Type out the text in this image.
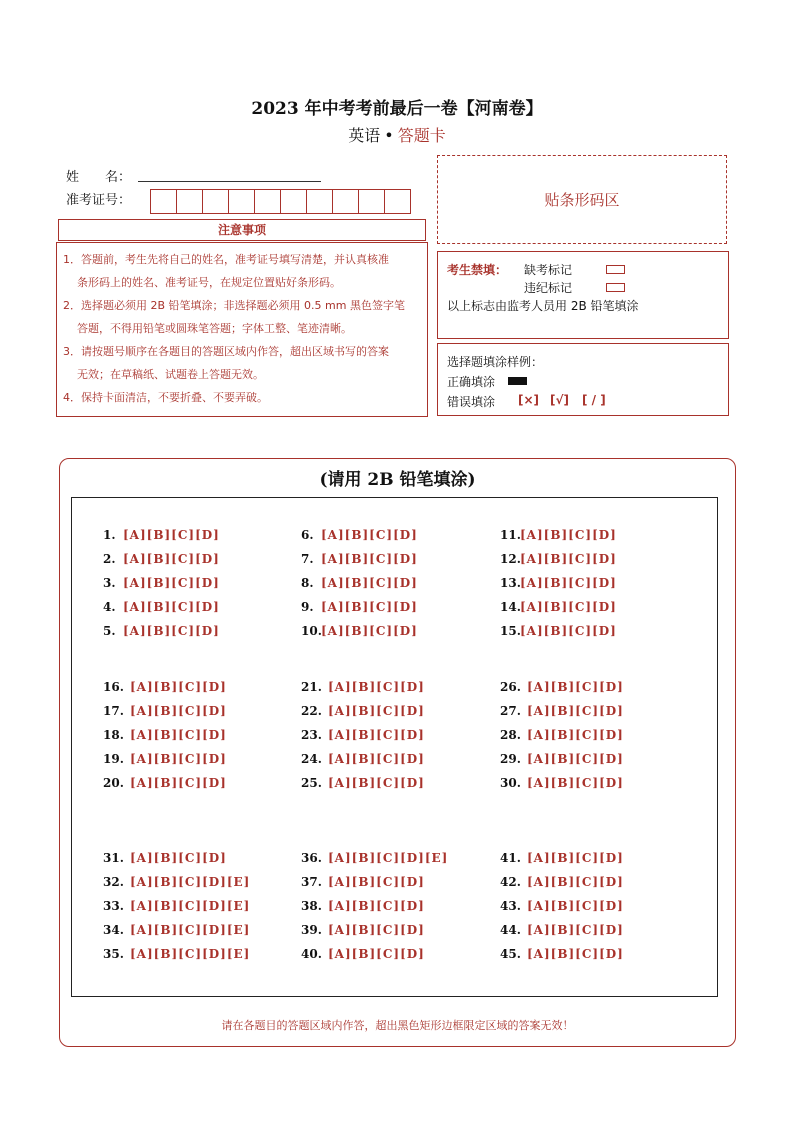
2023 年中考考前最后一卷【河南卷】
英语 • 答题卡
姓　　名：
准考证号：	贴条形码区
注意事项

1．答题前，考生先将自己的姓名，准考证号填写清楚，并认真核准

条形码上的姓名、准考证号，在规定位置贴好条形码。

2．选择题必须用 2B 铅笔填涂；非选择题必须用 0.5 mm 黑色签字笔

答题，不得用铅笔或圆珠笔答题；字体工整、笔迹清晰。

3．请按题号顺序在各题目的答题区域内作答，超出区域书写的答案

无效；在草稿纸、试题卷上答题无效。

4．保持卡面清洁，不要折叠、不要弄破。

考生禁填： 缺考标记
违纪标记
以上标志由监考人员用 2B 铅笔填涂
选择题填涂样例：
正确填涂
错误填涂 [×] [√] [ / ]
(请用 2B 铅笔填涂)
1. [A][B][C][D]
2. [A][B][C][D]
3. [A][B][C][D]
4. [A][B][C][D]
5. [A][B][C][D]
6. [A][B][C][D]
7. [A][B][C][D]
8. [A][B][C][D]
9. [A][B][C][D]
10.[A][B][C][D]
11.[A][B][C][D]
12.[A][B][C][D]
13.[A][B][C][D]
14.[A][B][C][D]
15.[A][B][C][D]
16. [A][B][C][D]
17. [A][B][C][D]
18. [A][B][C][D]
19. [A][B][C][D]
20. [A][B][C][D]
21. [A][B][C][D]
22. [A][B][C][D]
23. [A][B][C][D]
24. [A][B][C][D]
25. [A][B][C][D]
26. [A][B][C][D]
27. [A][B][C][D]
28. [A][B][C][D]
29. [A][B][C][D]
30. [A][B][C][D]
31. [A][B][C][D]
32. [A][B][C][D][E]
33. [A][B][C][D][E]
34. [A][B][C][D][E]
35. [A][B][C][D][E]
36. [A][B][C][D][E]
37. [A][B][C][D]
38. [A][B][C][D]
39. [A][B][C][D]
40. [A][B][C][D]
41. [A][B][C][D]
42. [A][B][C][D]
43. [A][B][C][D]
44. [A][B][C][D]
45. [A][B][C][D]
请在各题目的答题区域内作答，超出黑色矩形边框限定区域的答案无效！
